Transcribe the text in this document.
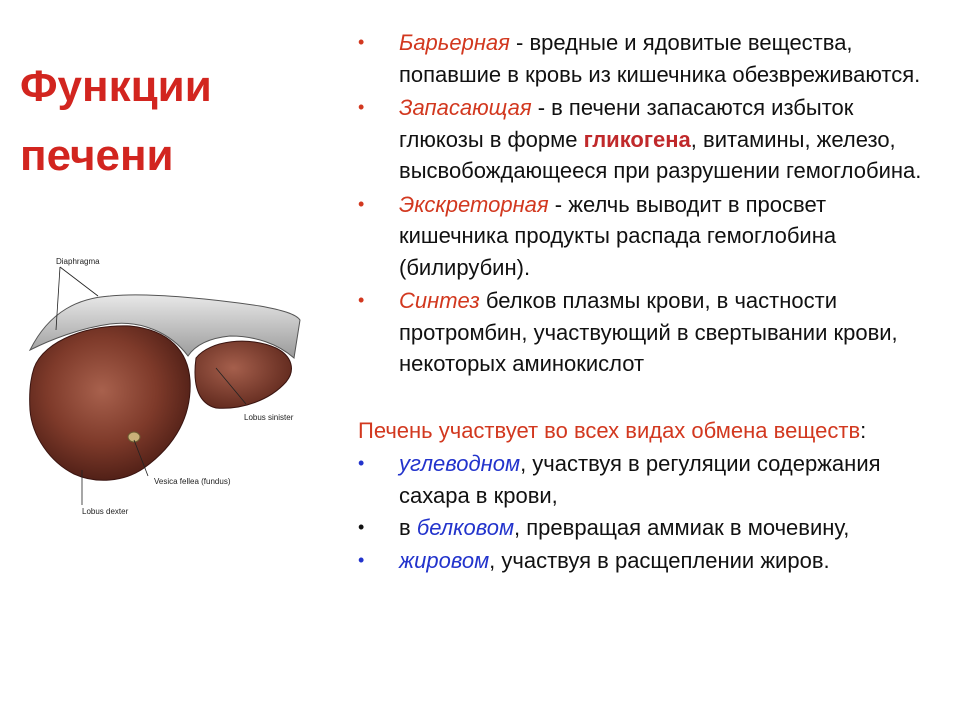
Функции
печени
Diaphragma
Lobus sinister
Vesica fellea (fundus)
Lobus dexter
• Барьерная - вредные и ядовитые вещества, попавшие в кровь из кишечника обезвреживаются.
• Запасающая - в печени запасаются избыток глюкозы в форме гликогена, витамины, железо, высвобождающееся при разрушении гемоглобина.
• Экскреторная - желчь выводит в просвет кишечника продукты распада гемоглобина (билирубин).
• Синтез белков плазмы крови, в частности протромбин, участвующий в свертывании крови, некоторых аминокислот
Печень участвует во всех видах обмена веществ:
• углеводном, участвуя в регуляции содержания сахара в крови,
• в белковом, превращая аммиак в мочевину,
• жировом, участвуя в расщеплении жиров.
